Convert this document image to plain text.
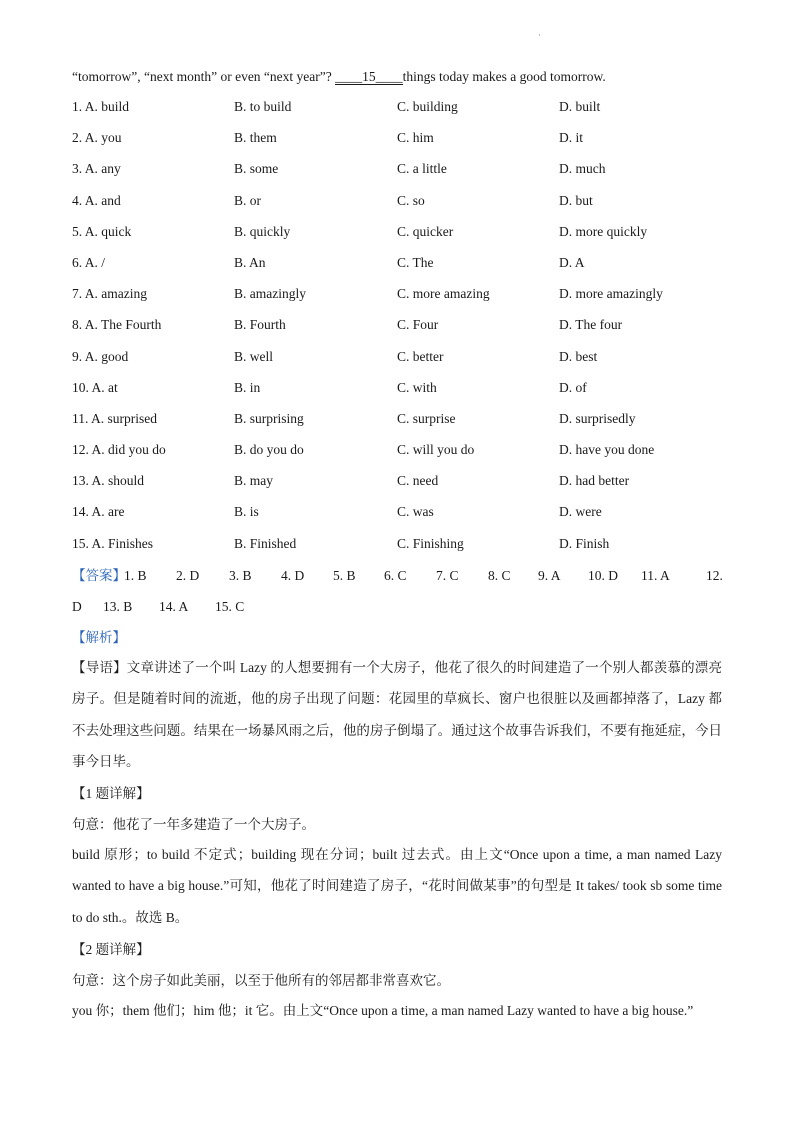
·
“tomorrow”, “next month” or even “next year”? ____15____things today makes a good tomorrow.
1. A. build	B. to build	C. building	D. built
2. A. you	B. them	C. him	D. it
3. A. any	B. some	C. a little	D. much
4. A. and	B. or	C. so	D. but
5. A. quick	B. quickly	C. quicker	D. more quickly
6. A. /	B. An	C. The	D. A
7. A. amazing	B. amazingly	C. more amazing	D. more amazingly
8. A. The Fourth	B. Fourth	C. Four	D. The four
9. A. good	B. well	C. better	D. best
10. A. at	B. in	C. with	D. of
11. A. surprised	B. surprising	C. surprise	D. surprisedly
12. A. did you do	B. do you do	C. will you do	D. have you done
13. A. should	B. may	C. need	D. had better
14. A. are	B. is	C. was	D. were
15. A. Finishes	B. Finished	C. Finishing	D. Finish
【答案】
1. B 2. D 3. B 4. D 5. B 6. C 7. C 8. C 9. A 10. D 11. A	12.
D 13. B 14. A 15. C
【解析】
【导语】文章讲述了一个叫 Lazy 的人想要拥有一个大房子，他花了很久的时间建造了一个别人都羡慕的漂亮房子。但是随着时间的流逝，他的房子出现了问题：花园里的草疯长、窗户也很脏以及画都掉落了，Lazy 都不去处理这些问题。结果在一场暴风雨之后，他的房子倒塌了。通过这个故事告诉我们，不要有拖延症，今日事今日毕。
【1 题详解】
句意：他花了一年多建造了一个大房子。
build 原形；to build 不定式；building 现在分词；built 过去式。由上文“Once upon a time, a man named Lazy wanted to have a big house.”可知，他花了时间建造了房子，“花时间做某事”的句型是 It takes/ took sb some time to do sth.。故选 B。
【2 题详解】
句意：这个房子如此美丽，以至于他所有的邻居都非常喜欢它。
you 你；them 他们；him 他；it 它。由上文“Once upon a time, a man named Lazy wanted to have a big house.”
